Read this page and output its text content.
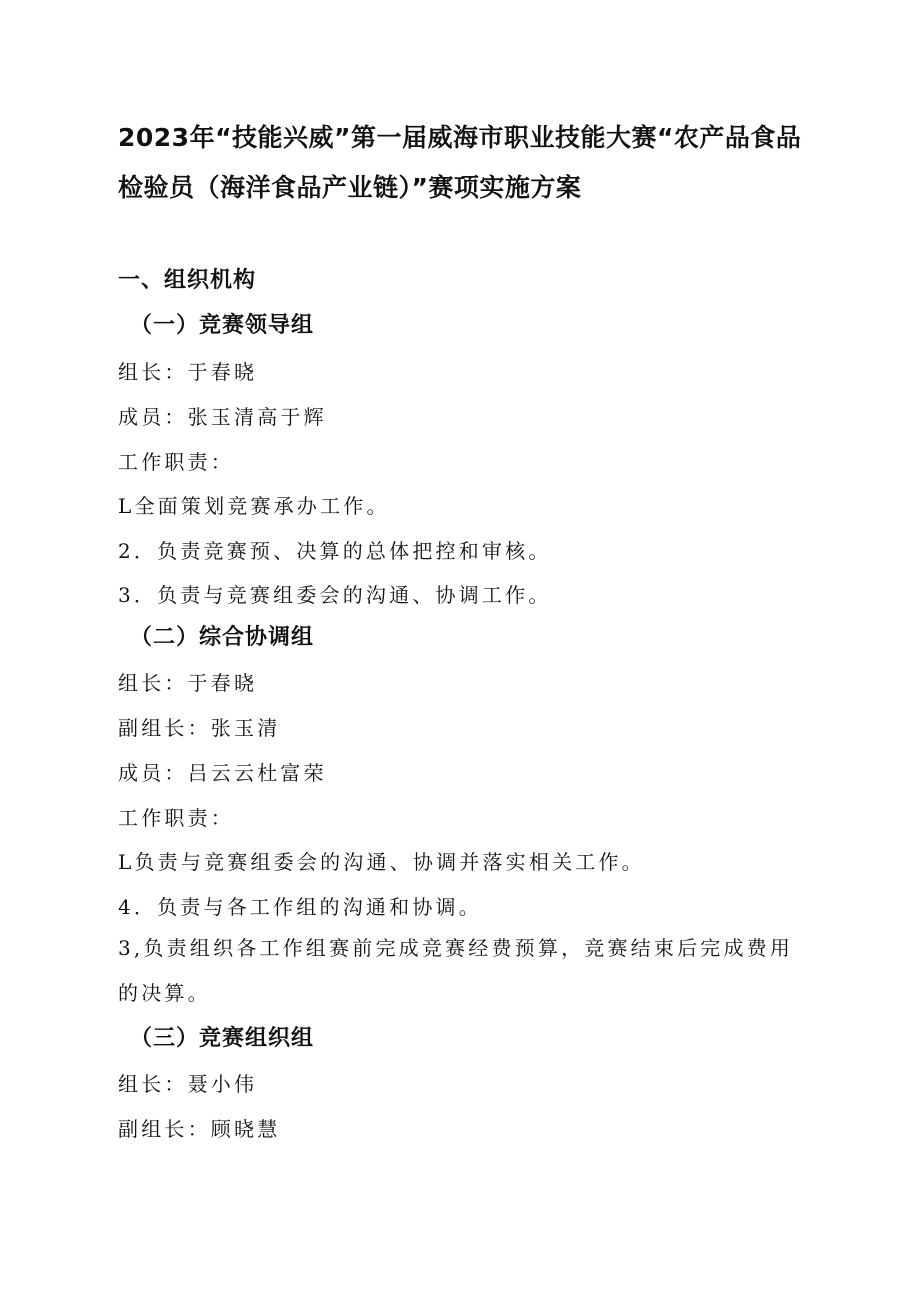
2023年“技能兴威”第一届威海市职业技能大赛“农产品食品检验员（海洋食品产业链）”赛项实施方案
一、组织机构
（一）竞赛领导组
组长：于春晓
成员：张玉清高于辉
工作职责：
L全面策划竞赛承办工作。
2．负责竞赛预、决算的总体把控和审核。
3．负责与竞赛组委会的沟通、协调工作。
（二）综合协调组
组长：于春晓
副组长：张玉清
成员：吕云云杜富荣
工作职责：
L负责与竞赛组委会的沟通、协调并落实相关工作。
4．负责与各工作组的沟通和协调。
3,负责组织各工作组赛前完成竞赛经费预算，竞赛结束后完成费用的决算。
（三）竞赛组织组
组长：聂小伟
副组长：顾晓慧
